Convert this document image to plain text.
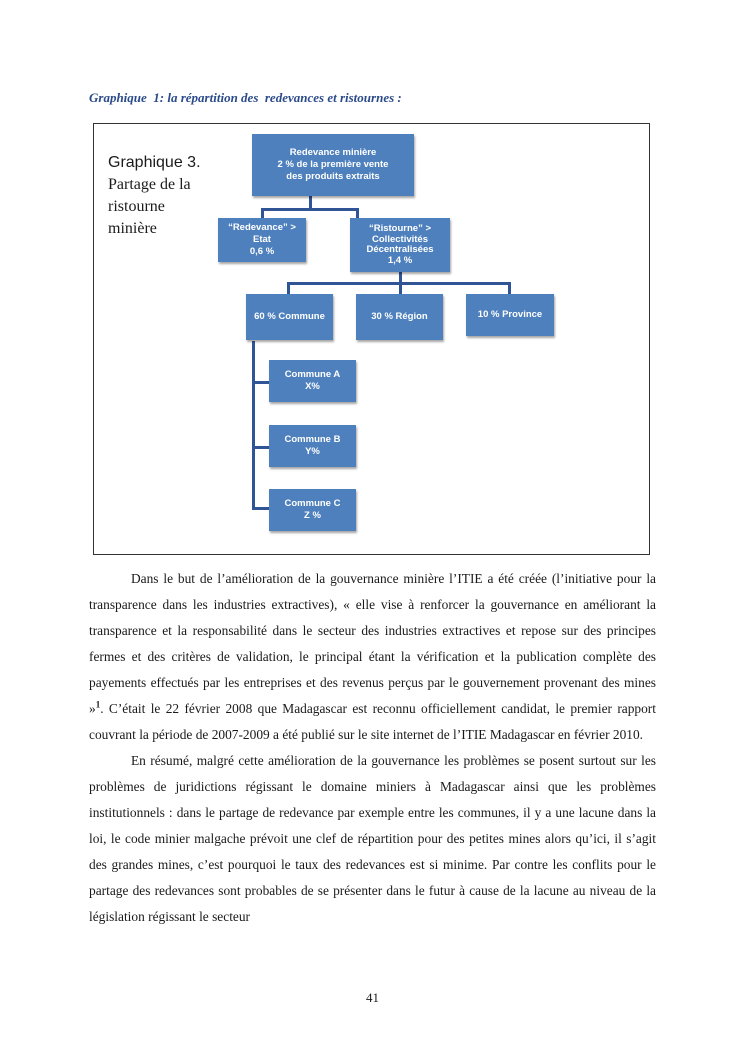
Graphique  1: la répartition des  redevances et ristournes :
Graphique 3.
Partage de la
ristourne
minière
Redevance minière
2 % de la première vente
des produits extraits
“Redevance” > Etat
0,6 %
“Ristourne” >
Collectivités
Décentralisées
1,4 %
60 % Commune	30 % Région	10 % Province
Commune A
X%
Commune B
Y%
Commune C
Z %

Dans le but de l’amélioration de la gouvernance minière l’ITIE a été créée (l’initiative pour la transparence dans les industries extractives), « elle vise à renforcer la gouvernance en améliorant la transparence et la responsabilité dans le secteur des industries extractives et repose sur des principes fermes et des critères de validation, le principal étant la vérification et la publication complète des payements effectués par les entreprises et des revenus perçus par le gouvernement provenant des mines »$^1$. C’était le 22 février 2008 que Madagascar est reconnu officiellement candidat, le premier rapport couvrant la période de 2007-2009 a été publié sur le site internet de l’ITIE Madagascar en février 2010.

En résumé, malgré cette amélioration de la gouvernance les problèmes se posent surtout sur les problèmes de juridictions régissant le domaine miniers à Madagascar ainsi que les problèmes institutionnels : dans le partage de redevance par exemple entre les communes, il y a une lacune dans la loi, le code minier malgache prévoit une clef de répartition pour des petites mines alors qu’ici, il s’agit des grandes mines, c’est pourquoi le taux des redevances est si minime. Par contre les conflits pour le partage des redevances sont probables de se présenter dans le futur à cause de la lacune au niveau de la législation régissant le secteur

41
